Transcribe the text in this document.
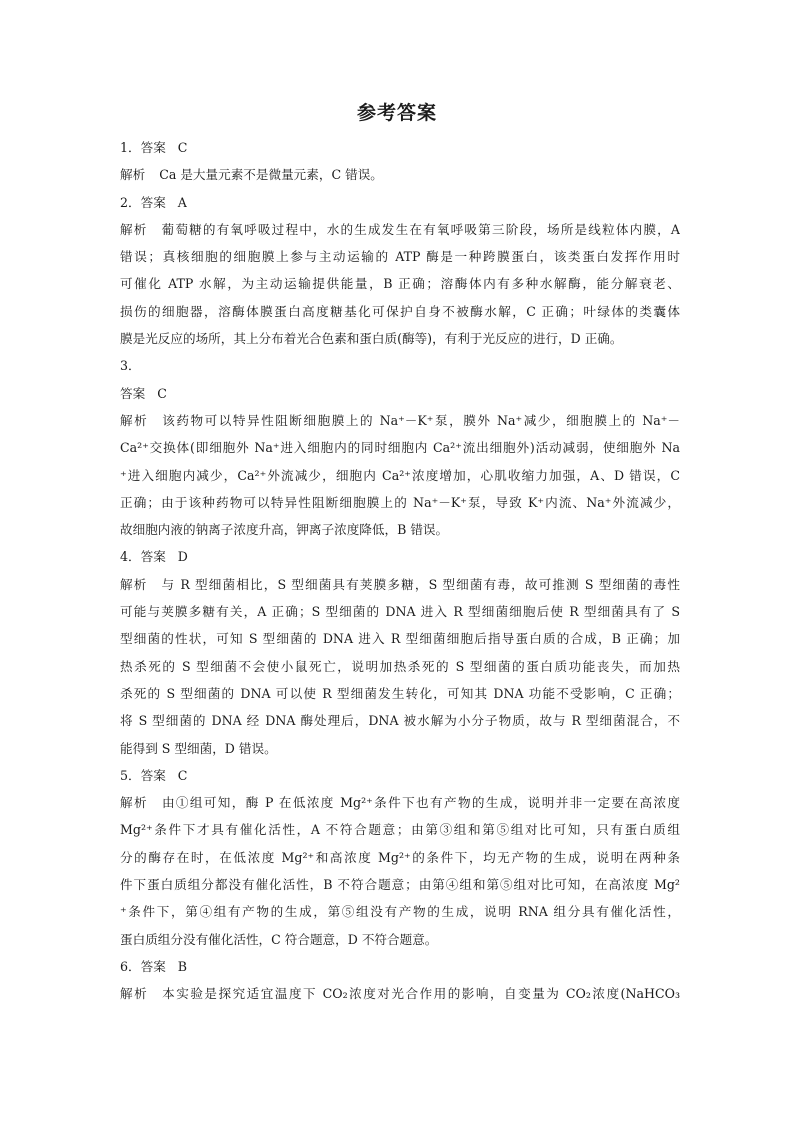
参考答案
1．答案 C
解析 Ca 是大量元素不是微量元素，C 错误。
2．答案 A
解析 葡萄糖的有氧呼吸过程中，水的生成发生在有氧呼吸第三阶段，场所是线粒体内膜，A
错误；真核细胞的细胞膜上参与主动运输的 ATP 酶是一种跨膜蛋白，该类蛋白发挥作用时
可催化 ATP 水解，为主动运输提供能量，B 正确；溶酶体内有多种水解酶，能分解衰老、
损伤的细胞器，溶酶体膜蛋白高度糖基化可保护自身不被酶水解，C 正确；叶绿体的类囊体
膜是光反应的场所，其上分布着光合色素和蛋白质(酶等)，有利于光反应的进行，D 正确。
3．
答案 C
解析 该药物可以特异性阻断细胞膜上的 Na⁺－K⁺泵，膜外 Na⁺减少，细胞膜上的 Na⁺－
Ca²⁺交换体(即细胞外 Na⁺进入细胞内的同时细胞内 Ca²⁺流出细胞外)活动减弱，使细胞外 Na
⁺进入细胞内减少，Ca²⁺外流减少，细胞内 Ca²⁺浓度增加，心肌收缩力加强，A、D 错误，C
正确；由于该种药物可以特异性阻断细胞膜上的 Na⁺－K⁺泵，导致 K⁺内流、Na⁺外流减少，
故细胞内液的钠离子浓度升高，钾离子浓度降低，B 错误。
4．答案 D
解析 与 R 型细菌相比，S 型细菌具有荚膜多糖，S 型细菌有毒，故可推测 S 型细菌的毒性
可能与荚膜多糖有关，A 正确；S 型细菌的 DNA 进入 R 型细菌细胞后使 R 型细菌具有了 S
型细菌的性状，可知 S 型细菌的 DNA 进入 R 型细菌细胞后指导蛋白质的合成，B 正确；加
热杀死的 S 型细菌不会使小鼠死亡，说明加热杀死的 S 型细菌的蛋白质功能丧失，而加热
杀死的 S 型细菌的 DNA 可以使 R 型细菌发生转化，可知其 DNA 功能不受影响，C 正确；
将 S 型细菌的 DNA 经 DNA 酶处理后，DNA 被水解为小分子物质，故与 R 型细菌混合，不
能得到 S 型细菌，D 错误。
5．答案 C
解析 由①组可知，酶 P 在低浓度 Mg²⁺条件下也有产物的生成，说明并非一定要在高浓度
Mg²⁺条件下才具有催化活性，A 不符合题意；由第③组和第⑤组对比可知，只有蛋白质组
分的酶存在时，在低浓度 Mg²⁺和高浓度 Mg²⁺的条件下，均无产物的生成，说明在两种条
件下蛋白质组分都没有催化活性，B 不符合题意；由第④组和第⑤组对比可知，在高浓度 Mg²
⁺条件下，第④组有产物的生成，第⑤组没有产物的生成，说明 RNA 组分具有催化活性，
蛋白质组分没有催化活性，C 符合题意，D 不符合题意。
6．答案 B
解析 本实验是探究适宜温度下 CO₂浓度对光合作用的影响，自变量为 CO₂浓度(NaHCO₃
